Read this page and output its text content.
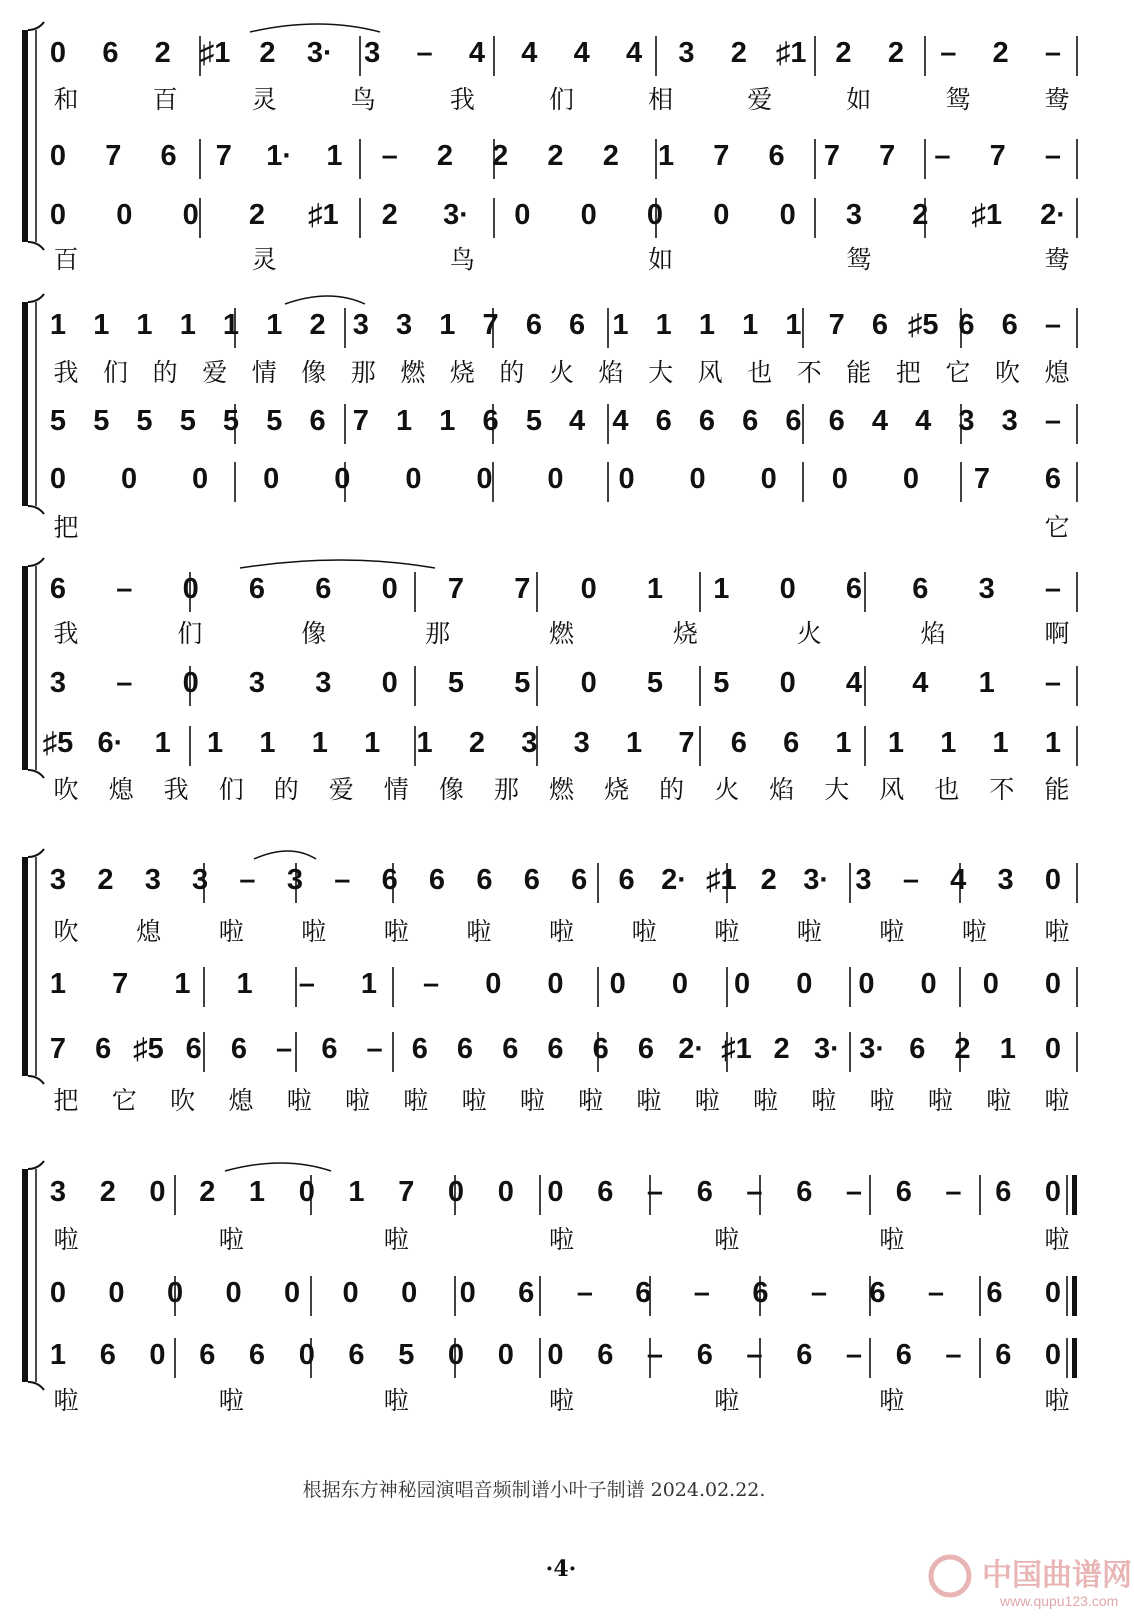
0 6 2 ♯1 2 3· 3 – 4 4 4 4 3 2 ♯1 2 2 – 2 –
和	百	灵	鸟	我	们	相	爱	如	鸳	鸯
0 7 6 7 1· 1 – 2 2 2 2 1 7 6 7 7 – 7 –
0 0 0 2 ♯1 2 3· 0 0 0 0 0 3 2 ♯1 2·
百	灵	鸟	如	鸳	鸯
1 1 1 1 1 1 2 3 3 1 7 6 6 1 1 1 1 1 7 6 ♯5 6 6 –
我 们 的 爱 情 像 那 燃 烧 的 火 焰 大 风 也 不 能 把 它 吹 熄
5 5 5 5 5 5 6 7 1 1 6 5 4 4 6 6 6 6 6 4 4 3 3 –
0 0 0 0 0 0 0 0 0 0 0 0 0 7 6
把	它
6 – 0 6 6 0 7 7 0 1 1 0 6 6 3 –
我	们	像	那	燃	烧	火	焰	啊
3 – 0 3 3 0 5 5 0 5 5 0 4 4 1 –
♯5 6· 1 1 1 1 1 1 2 3 3 1 7 6 6 1 1 1 1 1
吹 熄 我 们 的 爱 情 像 那 燃 烧 的 火 焰 大 风 也 不 能
3 2 3 3 – 3 – 6 6 6 6 6 6 2· ♯1 2 3· 3 – 4 3 0
吹 熄 啦 啦 啦 啦 啦 啦 啦 啦 啦 啦 啦
1 7 1 1 – 1 – 0 0 0 0 0 0 0 0 0 0
7 6 ♯5 6 6 – 6 – 6 6 6 6 6 6 2· ♯1 2 3· 3· 6 2 1 0
把 它 吹 熄 啦 啦 啦 啦 啦 啦 啦 啦 啦 啦 啦 啦 啦 啦
3 2 0 2 1 0 1 7 0 0 0 6 – 6 – 6 – 6 – 6 0
啦	啦	啦	啦	啦	啦	啦
0 0 0 0 0 0 0 0 6 – 6 – 6 – 6 – 6 0
1 6 0 6 6 0 6 5 0 0 0 6 – 6 – 6 – 6 – 6 0
啦	啦	啦	啦	啦	啦	啦
根据东方神秘园演唱音频制谱小叶子制谱 2024.02.22.
·4·	中国曲谱网
www.qupu123.com
